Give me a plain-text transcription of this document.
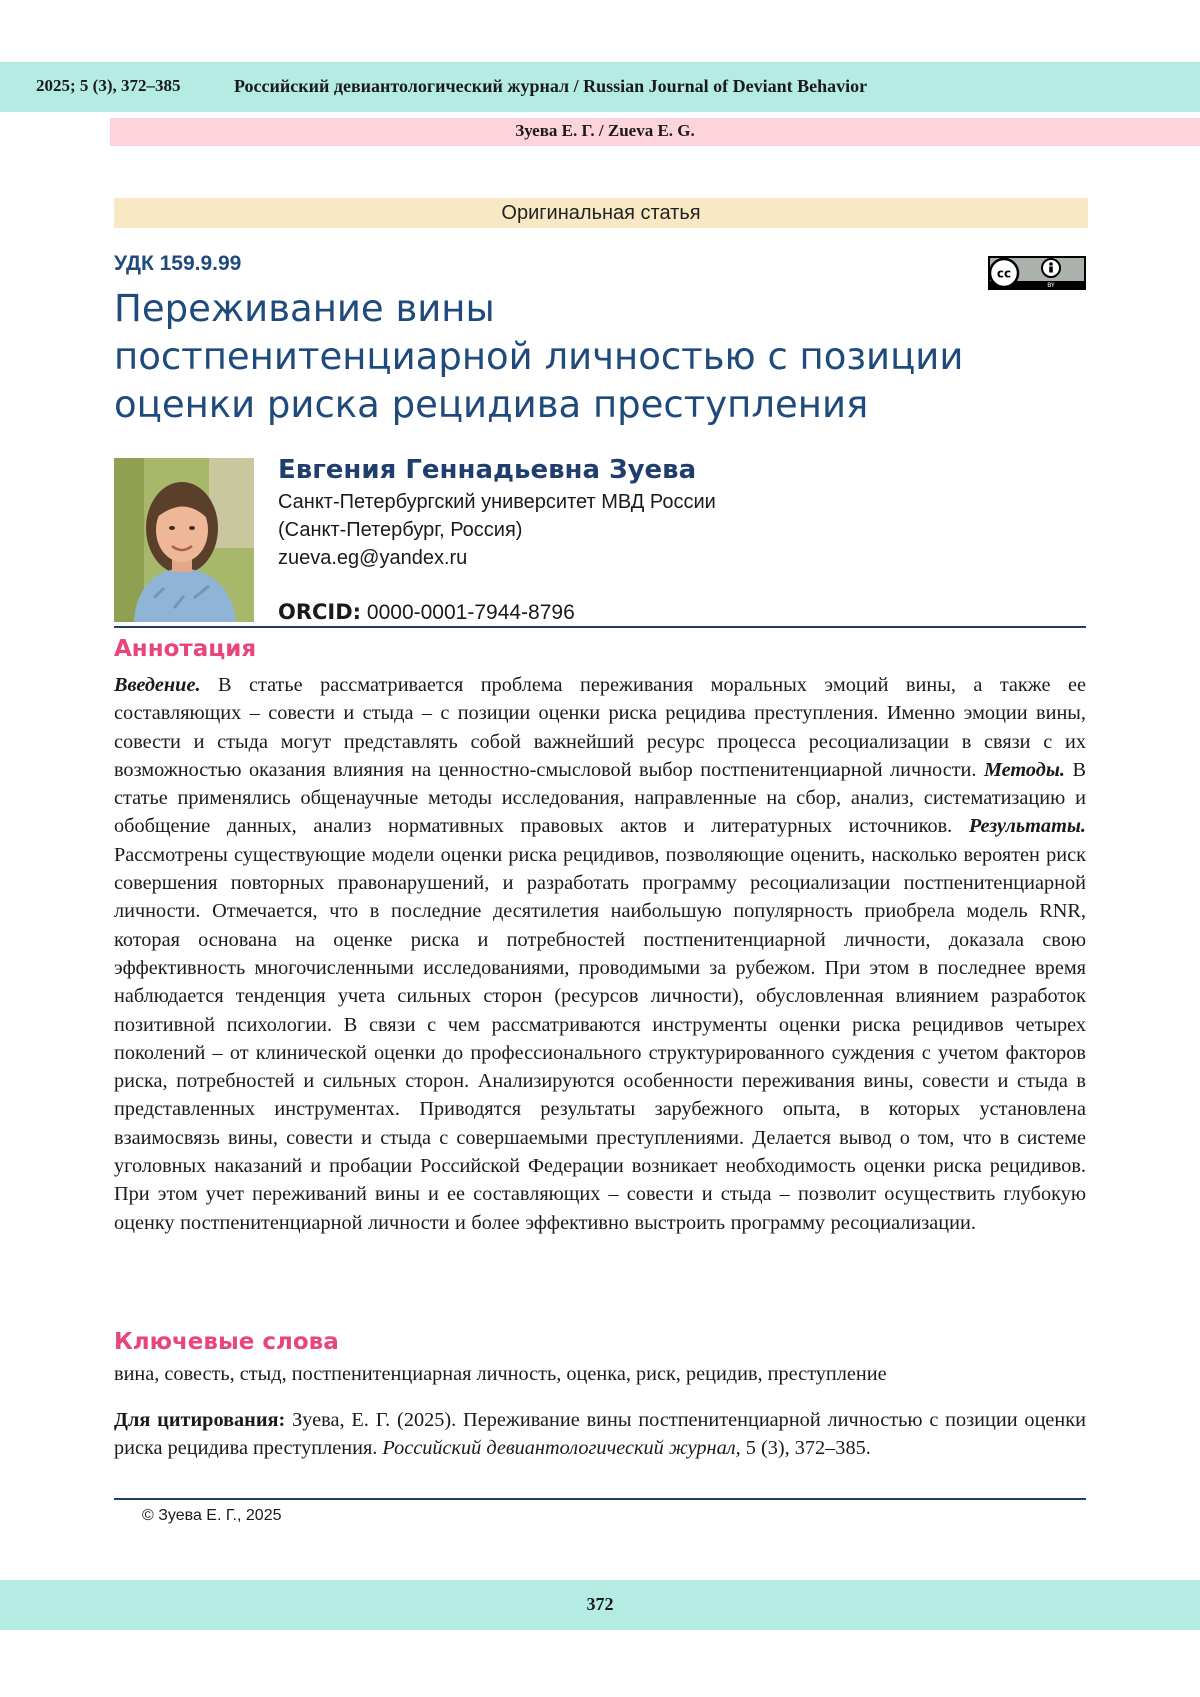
2025; 5 (3), 372–385	Российский девиантологический журнал / Russian Journal of Deviant Behavior
Зуева Е. Г. / Zueva E. G.
Оригинальная статья
УДК 159.9.99	cc
BY
Переживание вины
постпенитенциарной личностью с позиции
оценки риска рецидива преступления
Евгения Геннадьевна Зуева
Санкт-Петербургский университет МВД России
(Санкт-Петербург, Россия)
zueva.eg@yandex.ru
ORCID: 0000-0001-7944-8796
Аннотация
Введение. В статье рассматривается проблема переживания моральных эмоций вины, а также ее составляющих – совести и стыда – с позиции оценки риска рецидива преступления. Именно эмоции вины, совести и стыда могут представлять собой важнейший ресурс процесса ресоциализации в связи с их возможностью оказания влияния на ценностно-смысловой выбор постпенитенциарной личности. Методы. В статье применялись общенаучные методы исследования, направленные на сбор, анализ, систематизацию и обобщение данных, анализ нормативных правовых актов и литературных источников. Результаты. Рассмотрены существующие модели оценки риска рецидивов, позволяющие оценить, насколько вероятен риск совершения повторных правонарушений, и разработать программу ресоциализации постпенитенциарной личности. Отмечается, что в последние десятилетия наибольшую популярность приобрела модель RNR, которая основана на оценке риска и потребностей постпенитенциарной личности, доказала свою эффективность многочисленными исследованиями, проводимыми за рубежом. При этом в последнее время наблюдается тенденция учета сильных сторон (ресурсов личности), обусловленная влиянием разработок позитивной психологии. В связи с чем рассматриваются инструменты оценки риска рецидивов четырех поколений – от клинической оценки до профессионального структурированного суждения с учетом факторов риска, потребностей и сильных сторон. Анализируются особенности переживания вины, совести и стыда в представленных инструментах. Приводятся результаты зарубежного опыта, в которых установлена взаимосвязь вины, совести и стыда с совершаемыми преступлениями. Делается вывод о том, что в системе уголовных наказаний и пробации Российской Федерации возникает необходимость оценки риска рецидивов. При этом учет переживаний вины и ее составляющих – совести и стыда – позволит осуществить глубокую оценку постпенитенциарной личности и более эффективно выстроить программу ресоциализации.
Ключевые слова
вина, совесть, стыд, постпенитенциарная личность, оценка, риск, рецидив, преступление
Для цитирования: Зуева, Е. Г. (2025). Переживание вины постпенитенциарной личностью с позиции оценки риска рецидива преступления. Российский девиантологический журнал, 5 (3), 372–385.
© Зуева Е. Г., 2025
372
